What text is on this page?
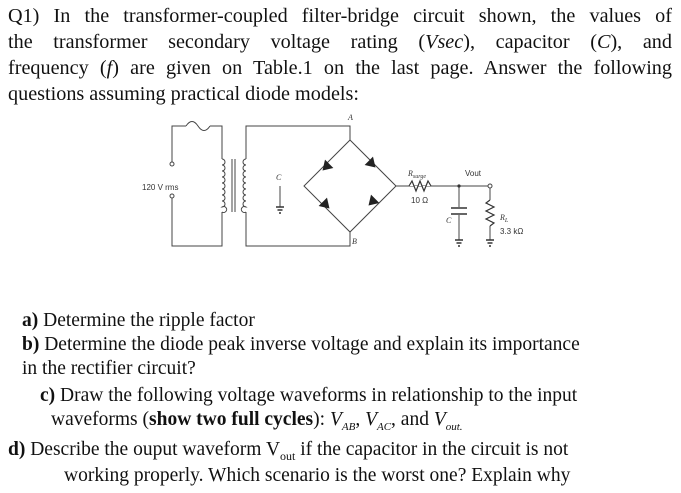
Q1) In the transformer-coupled filter-bridge circuit shown, the values of
the transformer secondary voltage rating (Vsec), capacitor (C), and
frequency (f) are given on Table.1 on the last page. Answer the following
questions assuming practical diode models:
120 V rms
A
B
C	$R_{surge}$
10 Ω
Vout
C	$R_L$
3.3 kΩ
a) Determine the ripple factor
b) Determine the diode peak inverse voltage and explain its importance
in the rectifier circuit?
c) Draw the following voltage waveforms in relationship to the input
waveforms (show two full cycles): $V_{AB}$, $V_{AC}$, and $V_{out.}$
d) Describe the ouput waveform $V_{out}$ if the capacitor in the circuit is not
working properly. Which scenario is the worst one? Explain why
